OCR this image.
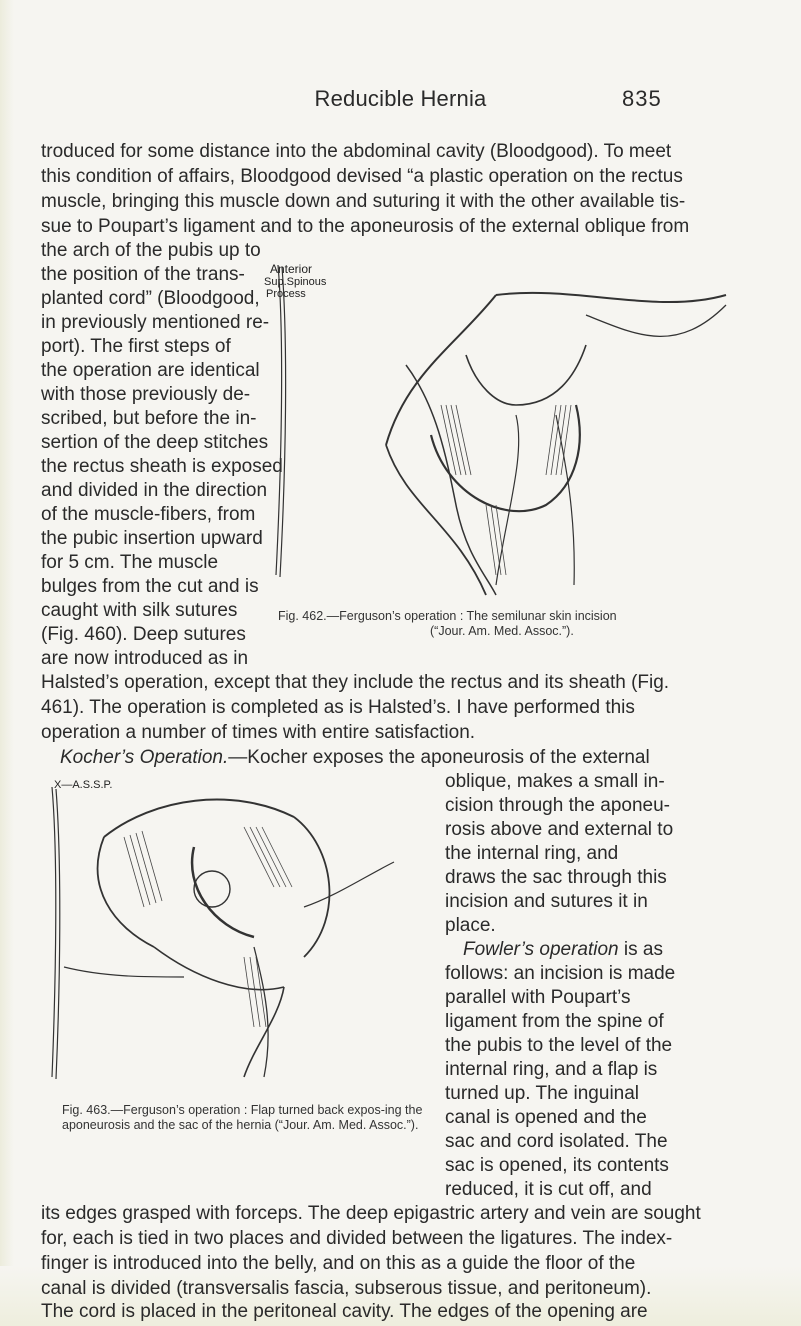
Reducible Hernia	835
troduced for some distance into the abdominal cavity (Bloodgood). To meet
this condition of affairs, Bloodgood devised “a plastic operation on the rectus
muscle, bringing this muscle down and suturing it with the other available tis-
sue to Poupart’s ligament and to the aponeurosis of the external oblique from
the arch of the pubis up to
the position of the trans-
planted cord” (Bloodgood,
in previously mentioned re-
port). The first steps of
the operation are identical
with those previously de-
scribed, but before the in-
sertion of the deep stitches
the rectus sheath is exposed
and divided in the direction
of the muscle-fibers, from
the pubic insertion upward
for 5 cm. The muscle
bulges from the cut and is
caught with silk sutures
(Fig. 460). Deep sutures
are now introduced as in
Anterior
Sup.Spinous
Process
Fig. 462.—Ferguson’s operation : The semilunar skin incision
(“Jour. Am. Med. Assoc.”).
Halsted’s operation, except that they include the rectus and its sheath (Fig.
461). The operation is completed as is Halsted’s. I have performed this
operation a number of times with entire satisfaction.
Kocher’s Operation.—Kocher exposes the aponeurosis of the external
oblique, makes a small in-
cision through the aponeu-
rosis above and external to
the internal ring, and
draws the sac through this
incision and sutures it in
place.
Fowler’s operation is as
follows: an incision is made
parallel with Poupart’s
ligament from the spine of
the pubis to the level of the
internal ring, and a flap is
turned up. The inguinal
canal is opened and the
sac and cord isolated. The
sac is opened, its contents
reduced, it is cut off, and
X—A.S.S.P.
Fig. 463.—Ferguson’s operation : Flap turned back expos-ing the aponeurosis and the sac of the hernia (“Jour. Am. Med. Assoc.”).
its edges grasped with forceps. The deep epigastric artery and vein are sought
for, each is tied in two places and divided between the ligatures. The index-
finger is introduced into the belly, and on this as a guide the floor of the
canal is divided (transversalis fascia, subserous tissue, and peritoneum).
The cord is placed in the peritoneal cavity. The edges of the opening are
